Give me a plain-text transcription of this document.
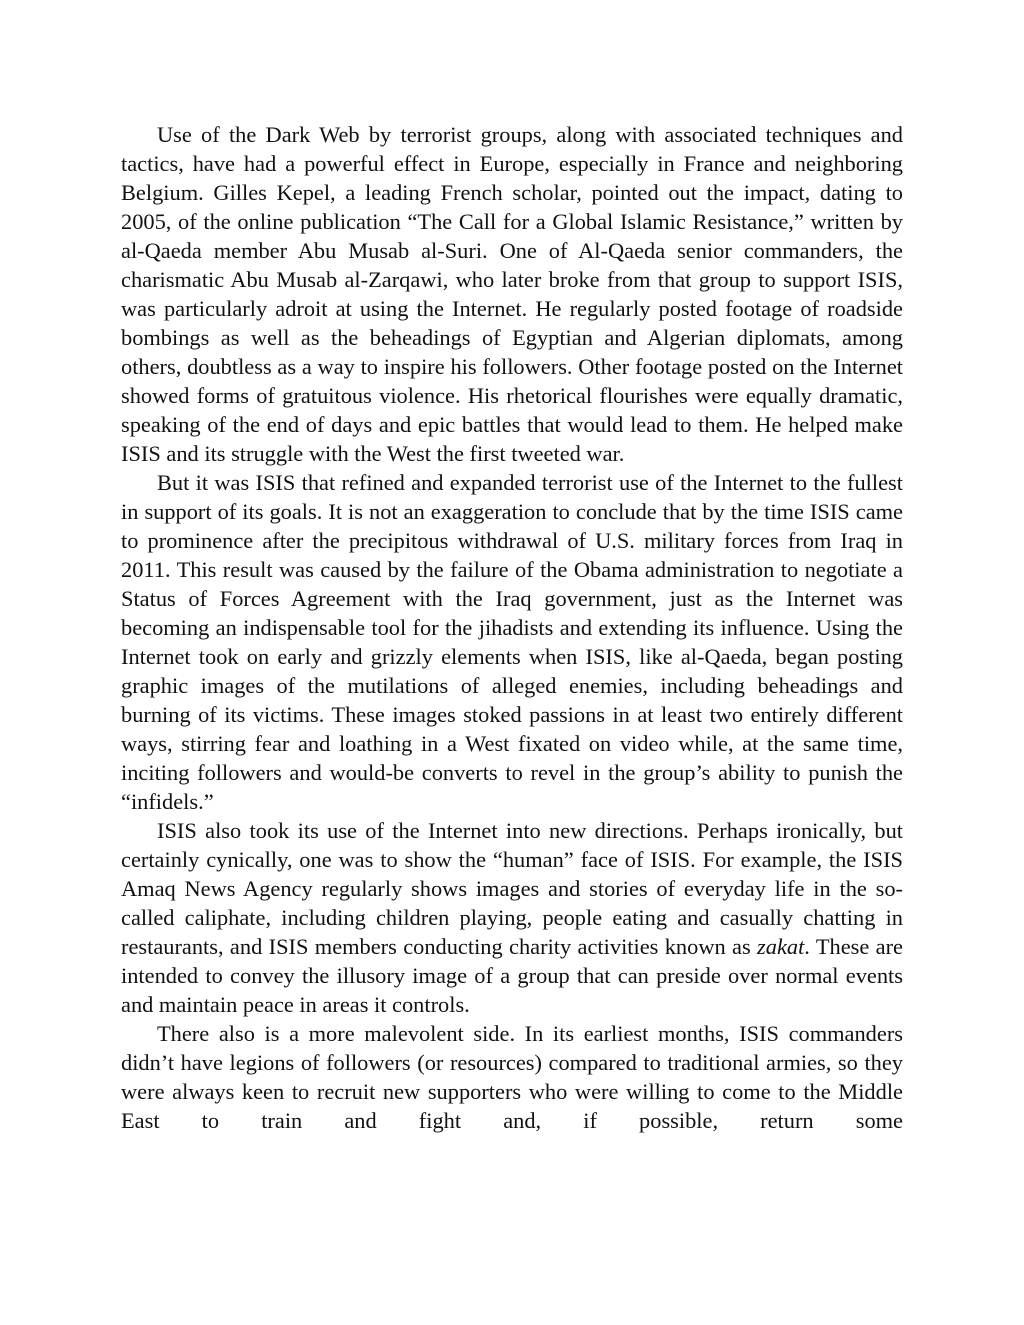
Use of the Dark Web by terrorist groups, along with associated techniques and tactics, have had a powerful effect in Europe, especially in France and neighboring Belgium. Gilles Kepel, a leading French scholar, pointed out the impact, dating to 2005, of the online publication “The Call for a Global Islamic Resistance,” written by al-Qaeda member Abu Musab al-Suri. One of Al-Qaeda senior commanders, the charismatic Abu Musab al-Zarqawi, who later broke from that group to support ISIS, was particularly adroit at using the Internet. He regularly posted footage of roadside bombings as well as the beheadings of Egyptian and Algerian diplomats, among others, doubtless as a way to inspire his followers. Other footage posted on the Internet showed forms of gratuitous violence. His rhetorical flourishes were equally dramatic, speaking of the end of days and epic battles that would lead to them. He helped make ISIS and its struggle with the West the first tweeted war.

But it was ISIS that refined and expanded terrorist use of the Internet to the fullest in support of its goals. It is not an exaggeration to conclude that by the time ISIS came to prominence after the precipitous withdrawal of U.S. military forces from Iraq in 2011. This result was caused by the failure of the Obama administration to negotiate a Status of Forces Agreement with the Iraq government, just as the Internet was becoming an indispensable tool for the jihadists and extending its influence. Using the Internet took on early and grizzly elements when ISIS, like al-Qaeda, began posting graphic images of the mutilations of alleged enemies, including beheadings and burning of its victims. These images stoked passions in at least two entirely different ways, stirring fear and loathing in a West fixated on video while, at the same time, inciting followers and would-be converts to revel in the group’s ability to punish the “infidels.”

ISIS also took its use of the Internet into new directions. Perhaps ironically, but certainly cynically, one was to show the “human” face of ISIS. For example, the ISIS Amaq News Agency regularly shows images and stories of everyday life in the so-called caliphate, including children playing, people eating and casually chatting in restaurants, and ISIS members conducting charity activities known as zakat. These are intended to convey the illusory image of a group that can preside over normal events and maintain peace in areas it controls.

There also is a more malevolent side. In its earliest months, ISIS commanders didn’t have legions of followers (or resources) compared to traditional armies, so they were always keen to recruit new supporters who were willing to come to the Middle East to train and fight and, if possible, return some
